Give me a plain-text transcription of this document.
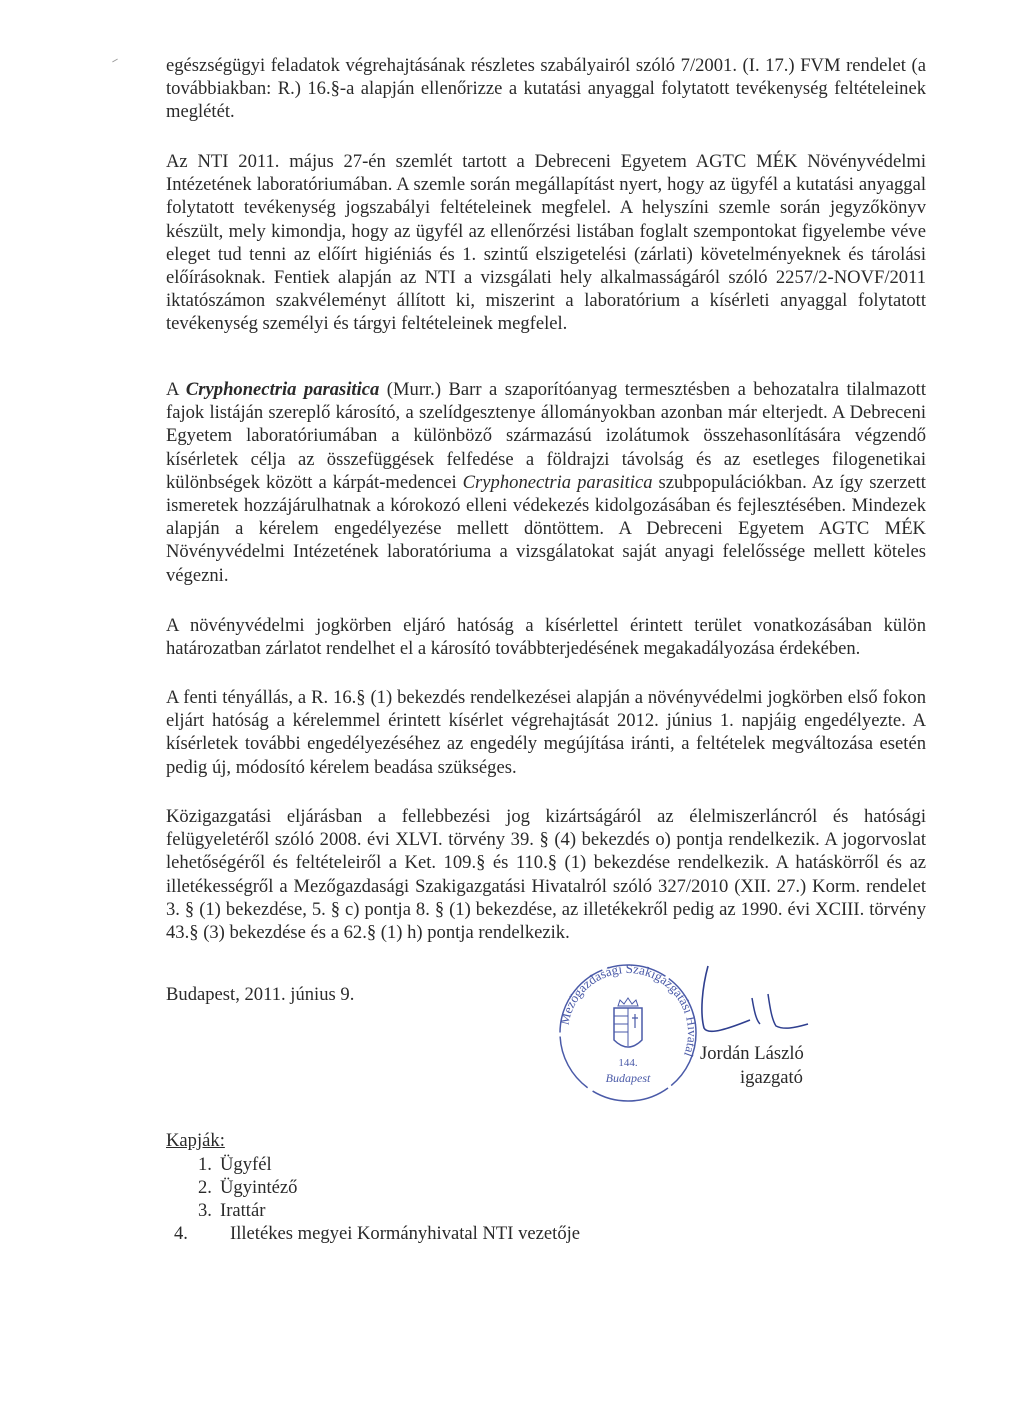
egészségügyi feladatok végrehajtásának részletes szabályairól szóló 7/2001. (I. 17.) FVM rendelet (a továbbiakban: R.) 16.§-a alapján ellenőrizze a kutatási anyaggal folytatott tevékenység feltételeinek meglétét.

Az NTI 2011. május 27-én szemlét tartott a Debreceni Egyetem AGTC MÉK Növényvédelmi Intézetének laboratóriumában. A szemle során megállapítást nyert, hogy az ügyfél a kutatási anyaggal folytatott tevékenység jogszabályi feltételeinek megfelel. A helyszíni szemle során jegyzőkönyv készült, mely kimondja, hogy az ügyfél az ellenőrzési listában foglalt szempontokat figyelembe véve eleget tud tenni az előírt higiéniás és 1. szintű elszigetelési (zárlati) követelményeknek és tárolási előírásoknak. Fentiek alapján az NTI a vizsgálati hely alkalmasságáról szóló 2257/2-NOVF/2011 iktatószámon szakvéleményt állított ki, miszerint a laboratórium a kísérleti anyaggal folytatott tevékenység személyi és tárgyi feltételeinek megfelel.

A Cryphonectria parasitica (Murr.) Barr a szaporítóanyag termesztésben a behozatalra tilalmazott fajok listáján szereplő károsító, a szelídgesztenye állományokban azonban már elterjedt. A Debreceni Egyetem laboratóriumában a különböző származású izolátumok összehasonlítására végzendő kísérletek célja az összefüggések felfedése a földrajzi távolság és az esetleges filogenetikai különbségek között a kárpát-medencei Cryphonectria parasitica szubpopulációkban. Az így szerzett ismeretek hozzájárulhatnak a kórokozó elleni védekezés kidolgozásában és fejlesztésében. Mindezek alapján a kérelem engedélyezése mellett döntöttem. A Debreceni Egyetem AGTC MÉK Növényvédelmi Intézetének laboratóriuma a vizsgálatokat saját anyagi felelőssége mellett köteles végezni.

A növényvédelmi jogkörben eljáró hatóság a kísérlettel érintett terület vonatkozásában külön határozatban zárlatot rendelhet el a károsító továbbterjedésének megakadályozása érdekében.

A fenti tényállás, a R. 16.§ (1) bekezdés rendelkezései alapján a növényvédelmi jogkörben első fokon eljárt hatóság a kérelemmel érintett kísérlet végrehajtását 2012. június 1. napjáig engedélyezte. A kísérletek további engedélyezéséhez az engedély megújítása iránti, a feltételek megváltozása esetén pedig új, módosító kérelem beadása szükséges.

Közigazgatási eljárásban a fellebbezési jog kizártságáról az élelmiszerláncról és hatósági felügyeletéről szóló 2008. évi XLVI. törvény 39. § (4) bekezdés o) pontja rendelkezik. A jogorvoslat lehetőségéről és feltételeiről a Ket. 109.§ és 110.§ (1) bekezdése rendelkezik. A hatáskörről és az illetékességről a Mezőgazdasági Szakigazgatási Hivatalról szóló 327/2010 (XII. 27.) Korm. rendelet 3. § (1) bekezdése, 5. § c) pontja 8. § (1) bekezdése, az illetékekről pedig az 1990. évi XCIII. törvény 43.§ (3) bekezdése és a 62.§ (1) h) pontja rendelkezik.

Budapest, 2011. június 9.
Mezőgazdasági Szakigazgatási Hivatal
144.
Budapest
Jordán László
igazgató
Kapják:
1. Ügyfél
2. Ügyintéző
3. Irattár
4. Illetékes megyei Kormányhivatal NTI vezetője
